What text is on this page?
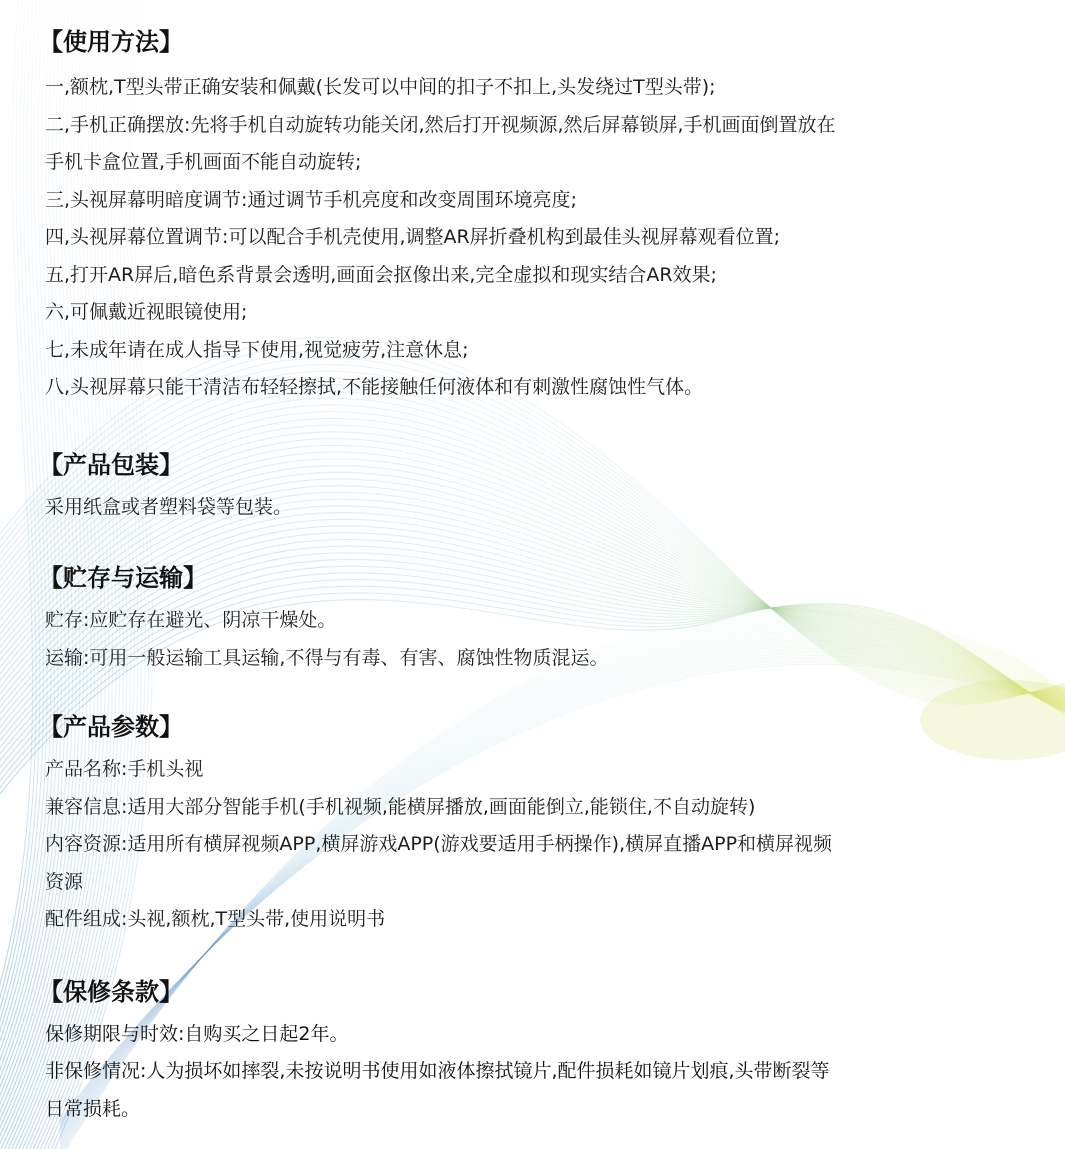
【使用方法】
一,额枕,T型头带正确安装和佩戴(长发可以中间的扣子不扣上,头发绕过T型头带);
二,手机正确摆放:先将手机自动旋转功能关闭,然后打开视频源,然后屏幕锁屏,手机画面倒置放在
手机卡盒位置,手机画面不能自动旋转;
三,头视屏幕明暗度调节:通过调节手机亮度和改变周围环境亮度;
四,头视屏幕位置调节:可以配合手机壳使用,调整AR屏折叠机构到最佳头视屏幕观看位置;
五,打开AR屏后,暗色系背景会透明,画面会抠像出来,完全虚拟和现实结合AR效果;
六,可佩戴近视眼镜使用;
七,未成年请在成人指导下使用,视觉疲劳,注意休息;
八,头视屏幕只能干清洁布轻轻擦拭,不能接触任何液体和有刺激性腐蚀性气体。
【产品包装】
采用纸盒或者塑料袋等包装。
【贮存与运输】
贮存:应贮存在避光、阴凉干燥处。
运输:可用一般运输工具运输,不得与有毒、有害、腐蚀性物质混运。
【产品参数】
产品名称:手机头视
兼容信息:适用大部分智能手机(手机视频,能横屏播放,画面能倒立,能锁住,不自动旋转)
内容资源:适用所有横屏视频APP,横屏游戏APP(游戏要适用手柄操作),横屏直播APP和横屏视频
资源
配件组成:头视,额枕,T型头带,使用说明书
【保修条款】
保修期限与时效:自购买之日起2年。
非保修情况:人为损坏如摔裂,未按说明书使用如液体擦拭镜片,配件损耗如镜片划痕,头带断裂等
日常损耗。
